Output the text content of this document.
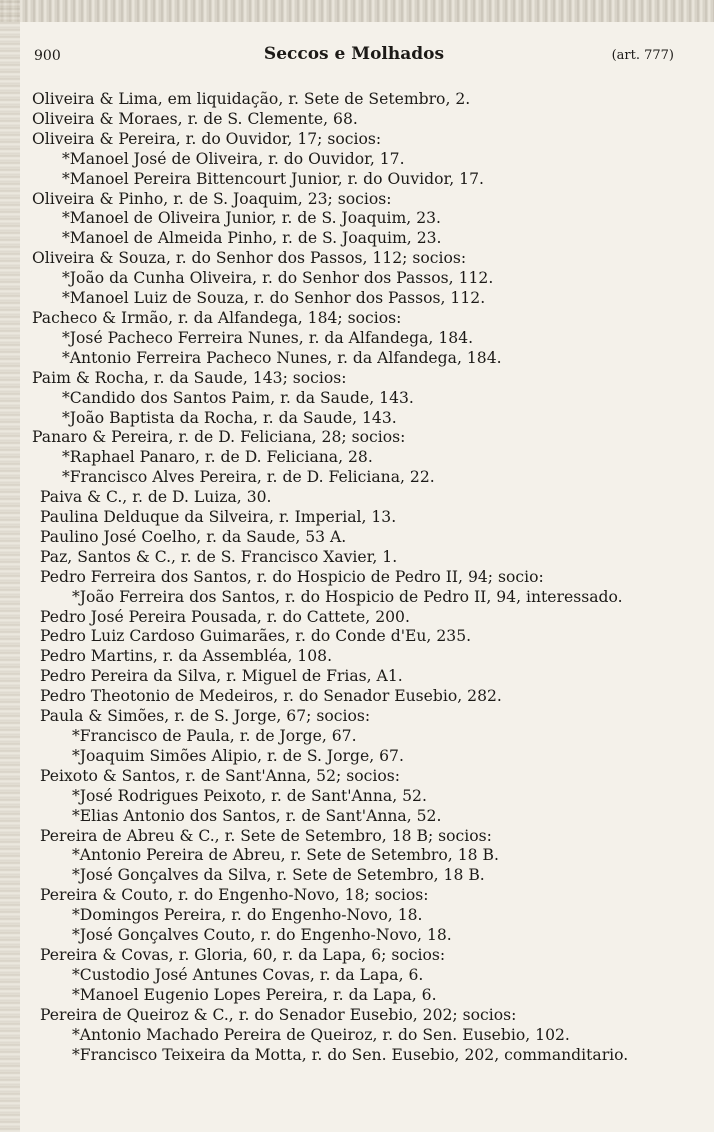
900	Seccos e Molhados	(art. 777)
Oliveira & Lima, em liquidação, r. Sete de Setembro, 2.
Oliveira & Moraes, r. de S. Clemente, 68.
Oliveira & Pereira, r. do Ouvidor, 17; socios:
*Manoel José de Oliveira, r. do Ouvidor, 17.
*Manoel Pereira Bittencourt Junior, r. do Ouvidor, 17.
Oliveira & Pinho, r. de S. Joaquim, 23; socios:
*Manoel de Oliveira Junior, r. de S. Joaquim, 23.
*Manoel de Almeida Pinho, r. de S. Joaquim, 23.
Oliveira & Souza, r. do Senhor dos Passos, 112; socios:
*João da Cunha Oliveira, r. do Senhor dos Passos, 112.
*Manoel Luiz de Souza, r. do Senhor dos Passos, 112.
Pacheco & Irmão, r. da Alfandega, 184; socios:
*José Pacheco Ferreira Nunes, r. da Alfandega, 184.
*Antonio Ferreira Pacheco Nunes, r. da Alfandega, 184.
Paim & Rocha, r. da Saude, 143; socios:
*Candido dos Santos Paim, r. da Saude, 143.
*João Baptista da Rocha, r. da Saude, 143.
Panaro & Pereira, r. de D. Feliciana, 28; socios:
*Raphael Panaro, r. de D. Feliciana, 28.
*Francisco Alves Pereira, r. de D. Feliciana, 22.
Paiva & C., r. de D. Luiza, 30.
Paulina Delduque da Silveira, r. Imperial, 13.
Paulino José Coelho, r. da Saude, 53 A.
Paz, Santos & C., r. de S. Francisco Xavier, 1.
Pedro Ferreira dos Santos, r. do Hospicio de Pedro II, 94; socio:
*João Ferreira dos Santos, r. do Hospicio de Pedro II, 94, interessado.
Pedro José Pereira Pousada, r. do Cattete, 200.
Pedro Luiz Cardoso Guimarães, r. do Conde d'Eu, 235.
Pedro Martins, r. da Assembléa, 108.
Pedro Pereira da Silva, r. Miguel de Frias, A1.
Pedro Theotonio de Medeiros, r. do Senador Eusebio, 282.
Paula & Simões, r. de S. Jorge, 67; socios:
*Francisco de Paula, r. de Jorge, 67.
*Joaquim Simões Alipio, r. de S. Jorge, 67.
Peixoto & Santos, r. de Sant'Anna, 52; socios:
*José Rodrigues Peixoto, r. de Sant'Anna, 52.
*Elias Antonio dos Santos, r. de Sant'Anna, 52.
Pereira de Abreu & C., r. Sete de Setembro, 18 B; socios:
*Antonio Pereira de Abreu, r. Sete de Setembro, 18 B.
*José Gonçalves da Silva, r. Sete de Setembro, 18 B.
Pereira & Couto, r. do Engenho-Novo, 18; socios:
*Domingos Pereira, r. do Engenho-Novo, 18.
*José Gonçalves Couto, r. do Engenho-Novo, 18.
Pereira & Covas, r. Gloria, 60, r. da Lapa, 6; socios:
*Custodio José Antunes Covas, r. da Lapa, 6.
*Manoel Eugenio Lopes Pereira, r. da Lapa, 6.
Pereira de Queiroz & C., r. do Senador Eusebio, 202; socios:
*Antonio Machado Pereira de Queiroz, r. do Sen. Eusebio, 102.
*Francisco Teixeira da Motta, r. do Sen. Eusebio, 202, commanditario.
